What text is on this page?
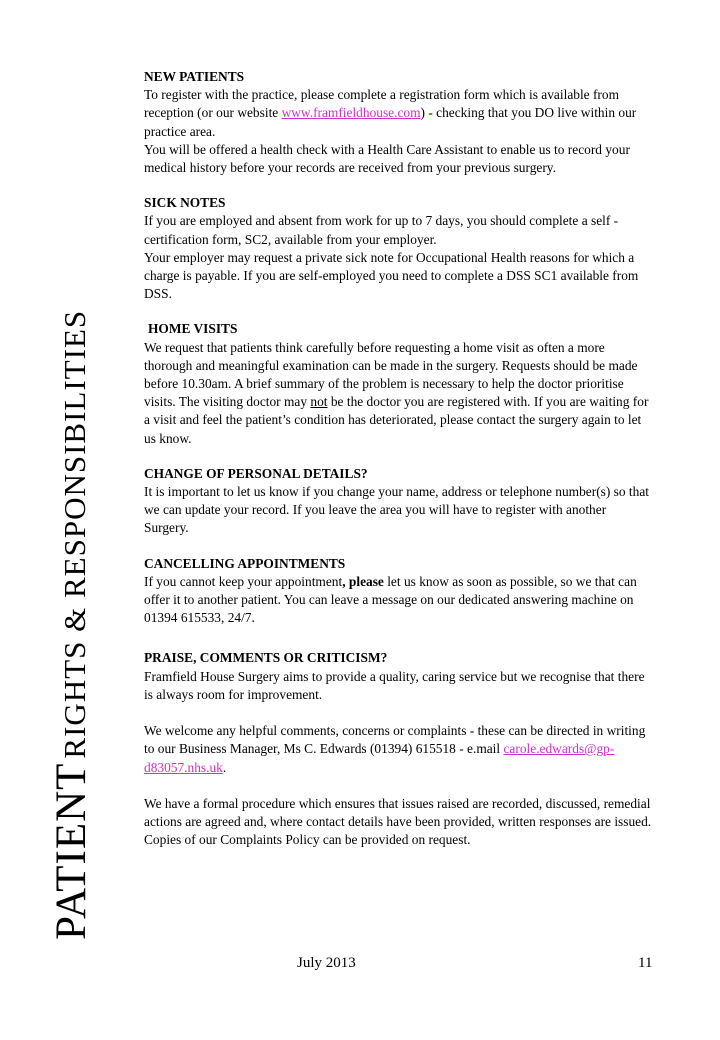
PATIENT RIGHTS & RESPONSIBILITIES
NEW PATIENTS

To register with the practice, please complete a registration form which is available from reception (or our website www.framfieldhouse.com) - checking that you DO live within our practice area.

You will be offered a health check with a Health Care Assistant to enable us to record your medical history before your records are received from your previous surgery.

SICK NOTES

If you are employed and absent from work for up to 7 days, you should complete a self -certification form, SC2, available from your employer.

Your employer may request a private sick note for Occupational Health reasons for which a charge is payable. If you are self-employed you need to complete a DSS SC1 available from DSS.

HOME VISITS

We request that patients think carefully before requesting a home visit as often a more thorough and meaningful examination can be made in the surgery. Requests should be made before 10.30am. A brief summary of the problem is necessary to help the doctor prioritise visits. The visiting doctor may not be the doctor you are registered with. If you are waiting for a visit and feel the patient’s condition has deteriorated, please contact the surgery again to let us know.

CHANGE OF PERSONAL DETAILS?

It is important to let us know if you change your name, address or telephone number(s) so that we can update your record. If you leave the area you will have to register with another Surgery.

CANCELLING APPOINTMENTS

If you cannot keep your appointment, please let us know as soon as possible, so we that can offer it to another patient. You can leave a message on our dedicated answering machine on 01394 615533, 24/7.

PRAISE, COMMENTS OR CRITICISM?

Framfield House Surgery aims to provide a quality, caring service but we recognise that there is always room for improvement.

We welcome any helpful comments, concerns or complaints - these can be directed in writing to our Business Manager, Ms C. Edwards (01394) 615518 - e.mail carole.edwards@gp-d83057.nhs.uk.

We have a formal procedure which ensures that issues raised are recorded, discussed, remedial actions are agreed and, where contact details have been provided, written responses are issued. Copies of our Complaints Policy can be provided on request.

July 2013	11
